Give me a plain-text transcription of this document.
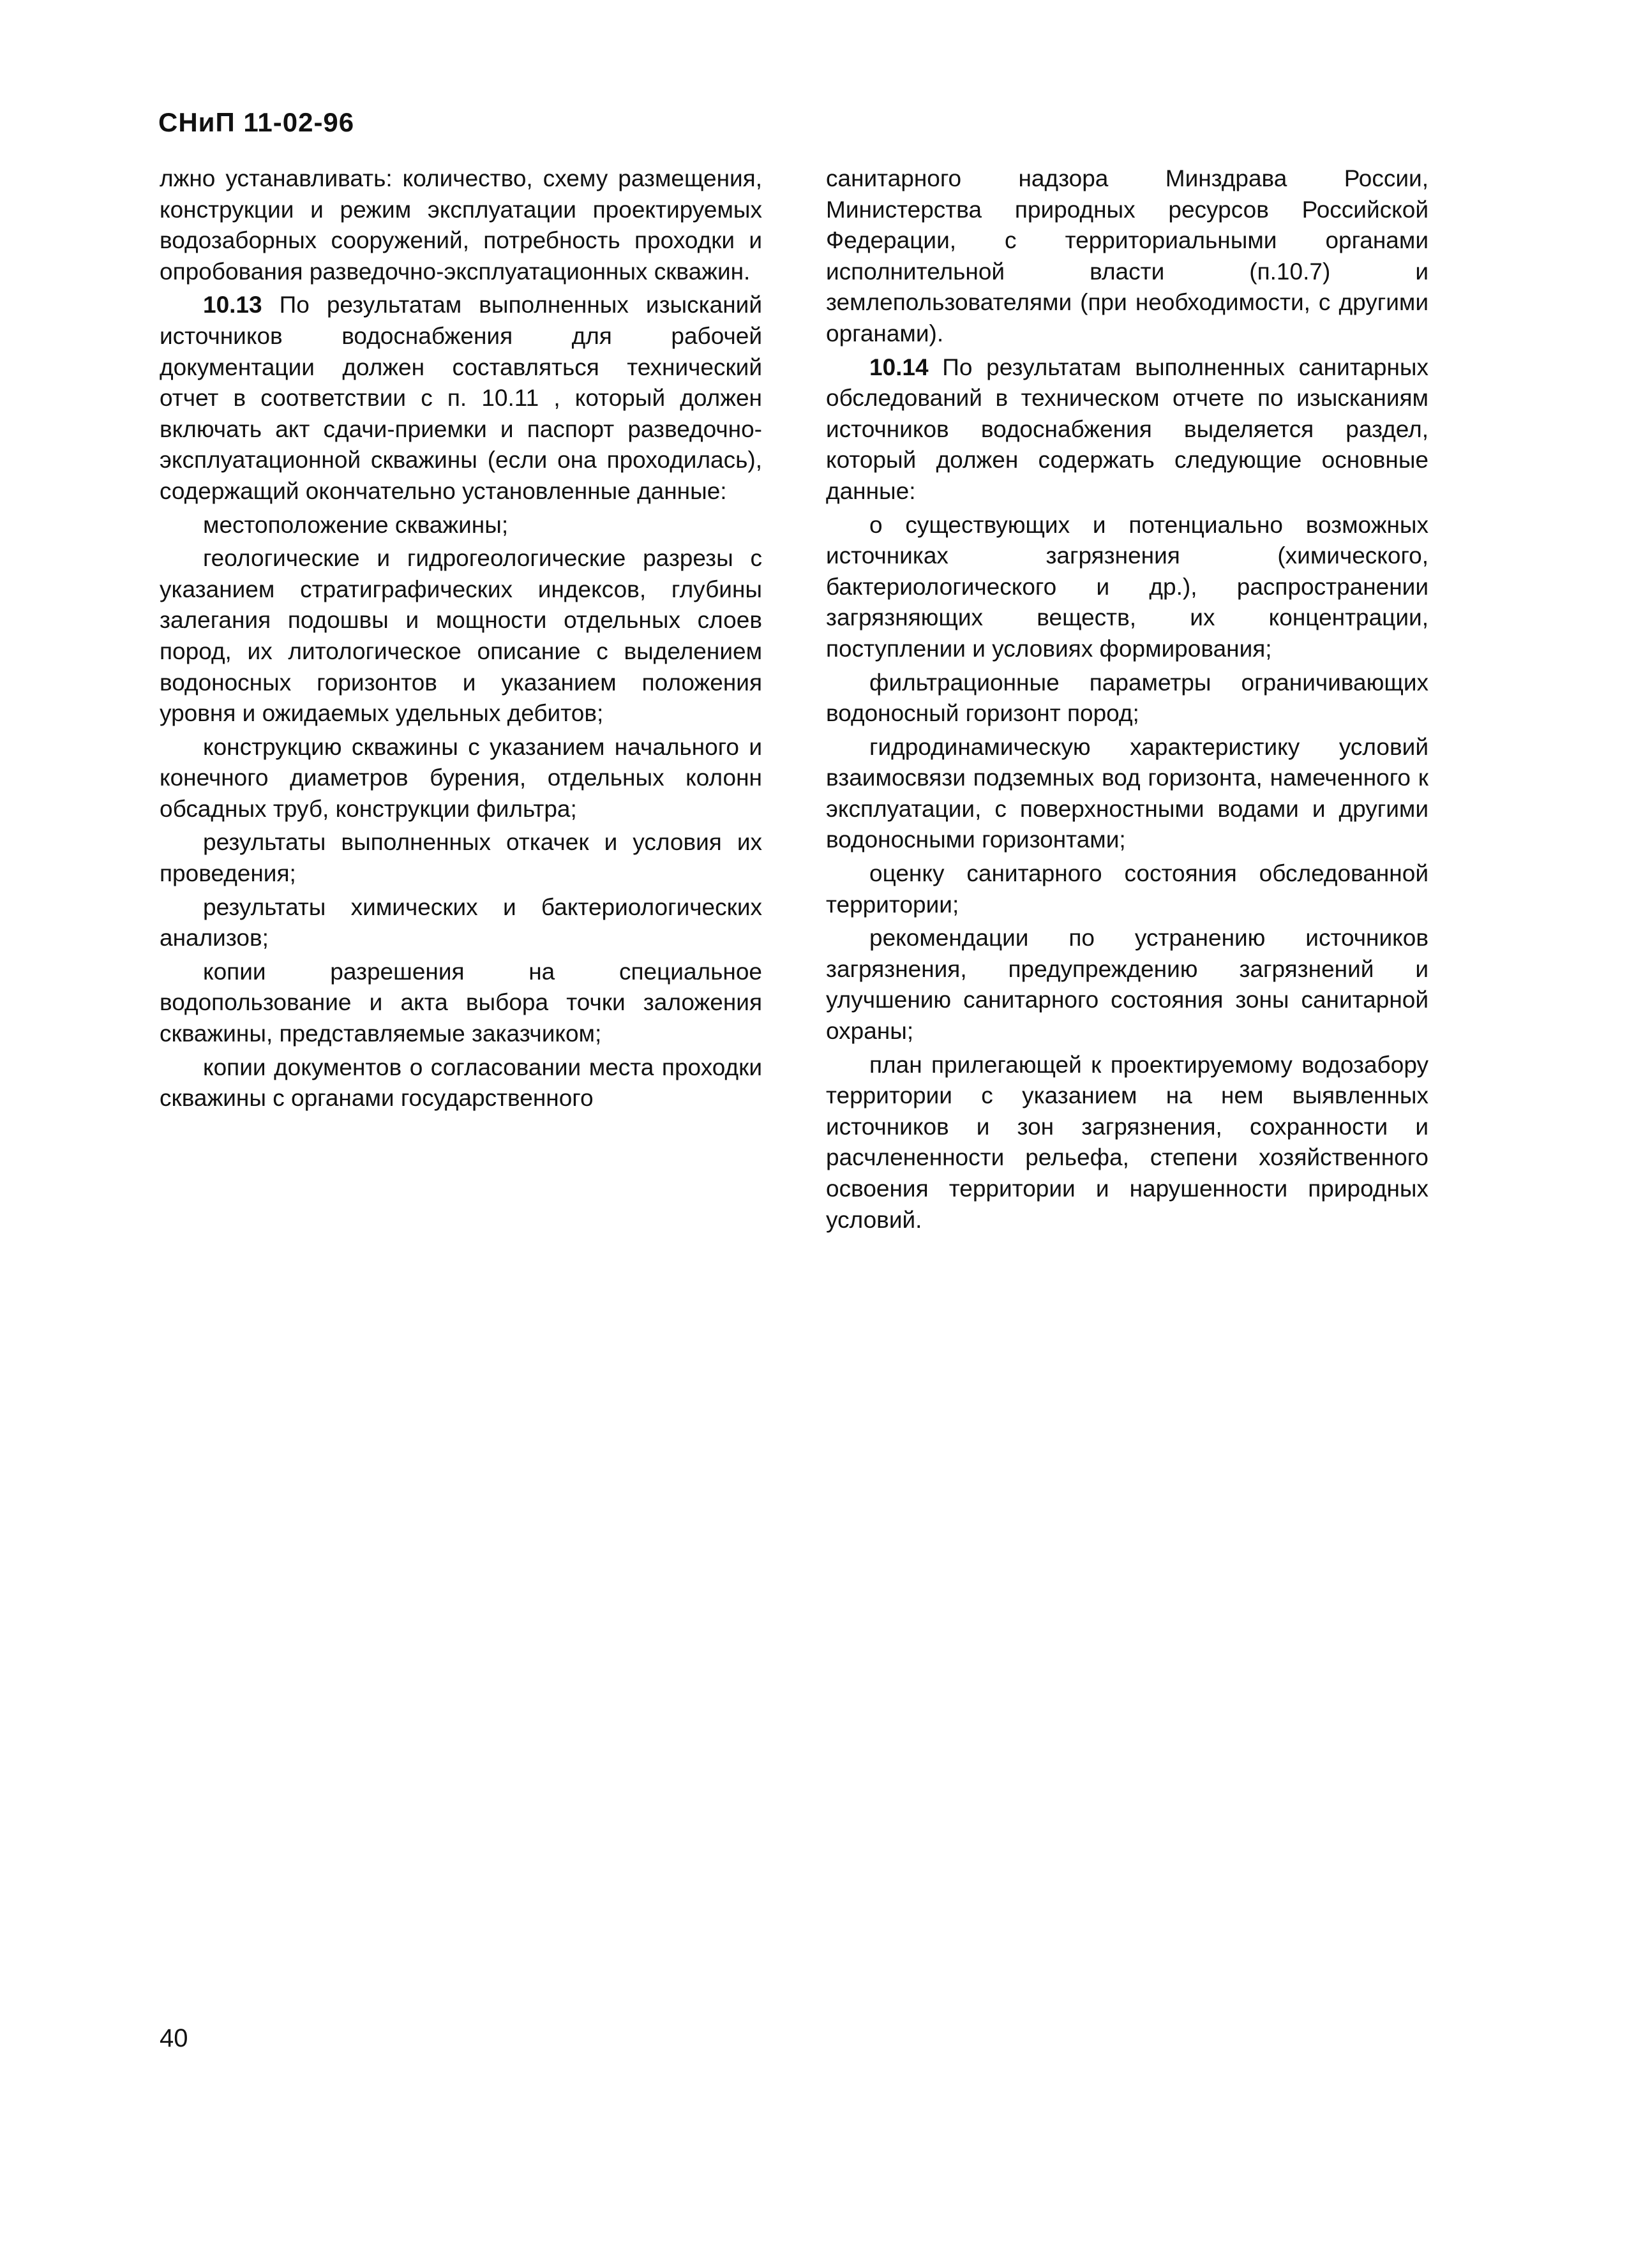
СНиП 11-02-96

лжно устанавливать: количество, схему размещения, конструкции и режим эксплуатации проектируемых водозаборных сооружений, потребность проходки и опробования разведочно-эксплуатационных скважин.

10.13 По результатам выполненных изысканий источников водоснабжения для рабочей документации должен составляться технический отчет в соответствии с п. 10.11 , который должен включать акт сдачи-приемки и паспорт разведочно-эксплуатационной скважины (если она проходилась), содержащий окончательно установленные данные:

местоположение скважины;

геологические и гидрогеологические разрезы с указанием стратиграфических индексов, глубины залегания подошвы и мощности отдельных слоев пород, их литологическое описание с выделением водоносных горизонтов и указанием положения уровня и ожидаемых удельных дебитов;

конструкцию скважины с указанием начального и конечного диаметров бурения, отдельных колонн обсадных труб, конструкции фильтра;

результаты выполненных откачек и условия их проведения;

результаты химических и бактериологических анализов;

копии разрешения на специальное водопользование и акта выбора точки заложения скважины, представляемые заказчиком;

копии документов о согласовании места проходки скважины с органами государственного

санитарного надзора Минздрава России, Министерства природных ресурсов Российской Федерации, с территориальными органами исполнительной власти (п.10.7) и землепользователями (при необходимости, с другими органами).

10.14 По результатам выполненных санитарных обследований в техническом отчете по изысканиям источников водоснабжения выделяется раздел, который должен содержать следующие основные данные:

о существующих и потенциально возможных источниках загрязнения (химического, бактериологического и др.), распространении загрязняющих веществ, их концентрации, поступлении и условиях формирования;

фильтрационные параметры ограничивающих водоносный горизонт пород;

гидродинамическую характеристику условий взаимосвязи подземных вод горизонта, намеченного к эксплуатации, с поверхностными водами и другими водоносными горизонтами;

оценку санитарного состояния обследованной территории;

рекомендации по устранению источников загрязнения, предупреждению загрязнений и улучшению санитарного состояния зоны санитарной охраны;

план прилегающей к проектируемому водозабору территории с указанием на нем выявленных источников и зон загрязнения, сохранности и расчлененности рельефа, степени хозяйственного освоения территории и нарушенности природных условий.

40
